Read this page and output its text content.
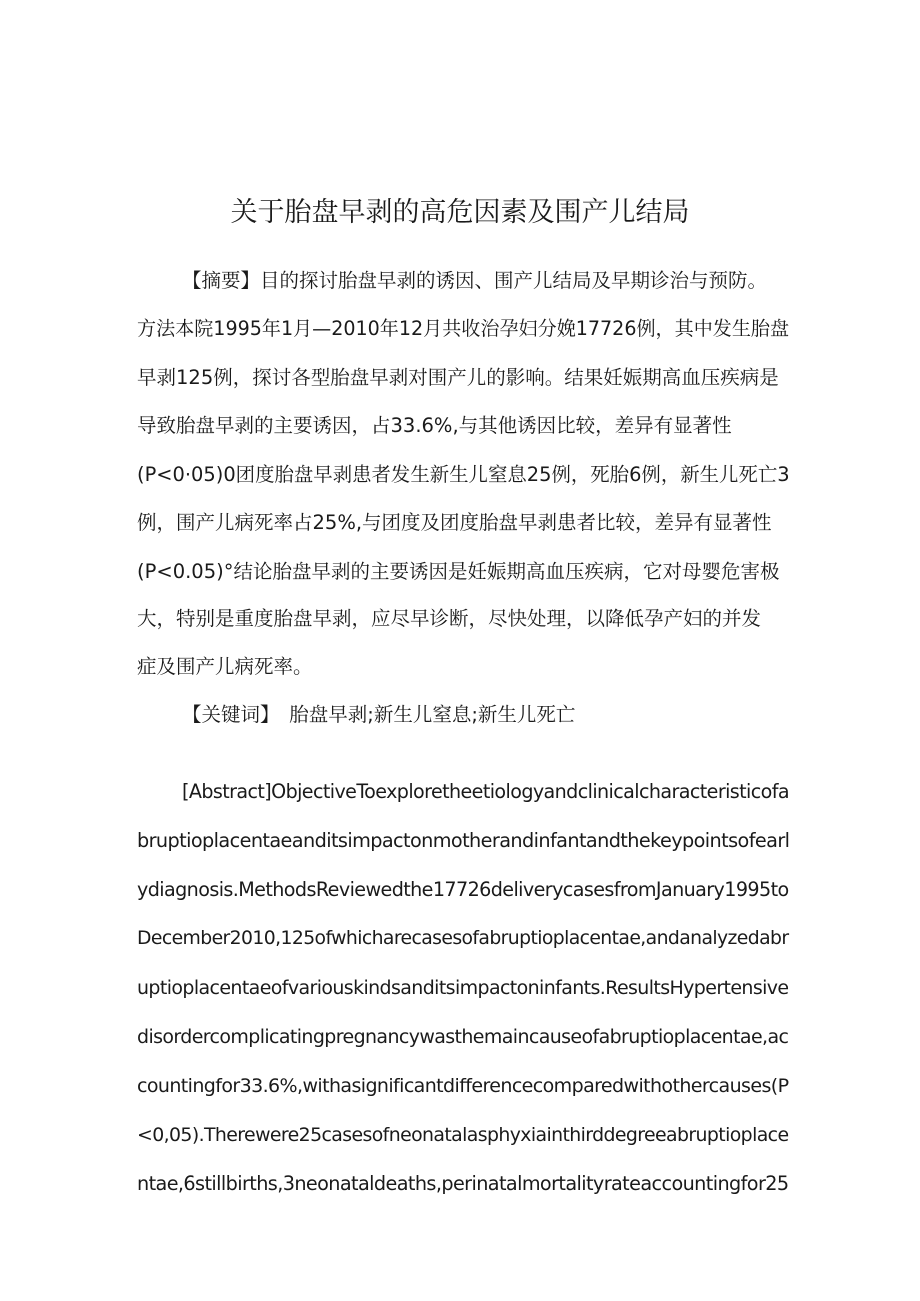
关于胎盘早剥的高危因素及围产儿结局

【摘要】目的探讨胎盘早剥的诱因、围产儿结局及早期诊治与预防。

方法本院1995年1月—2010年12月共收治孕妇分娩17726例，其中发生胎盘

早剥125例，探讨各型胎盘早剥对围产儿的影响。结果妊娠期高血压疾病是

导致胎盘早剥的主要诱因，占33.6%,与其他诱因比较，差异有显著性

(P<0·05)0团度胎盘早剥患者发生新生儿窒息25例，死胎6例，新生儿死亡3

例，围产儿病死率占25%,与团度及团度胎盘早剥患者比较，差异有显著性

(P<0.05)°结论胎盘早剥的主要诱因是妊娠期高血压疾病，它对母婴危害极

大，特别是重度胎盘早剥，应尽早诊断，尽快处理，以降低孕产妇的并发

症及围产儿病死率。

【关键词】　胎盘早剥;新生儿窒息;新生儿死亡

[Abstract]ObjectiveToexploretheetiologyandclinicalcharacteristicofa

bruptioplacentaeanditsimpactonmotherandinfantandthekeypointsofearl

ydiagnosis.MethodsReviewedthe17726deliverycasesfromJanuary1995to

December2010,125ofwhicharecasesofabruptioplacentae,andanalyzedabr

uptioplacentaeofvariouskindsanditsimpactoninfants.ResultsHypertensive

disordercomplicatingpregnancywasthemaincauseofabruptioplacentae,ac

countingfor33.6%,withasignificantdifferencecomparedwithothercauses(P

<0,05).Therewere25casesofneonatalasphyxiainthirddegreeabruptioplace

ntae,6stillbirths,3neonataldeaths,perinatalmortalityrateaccountingfor25
